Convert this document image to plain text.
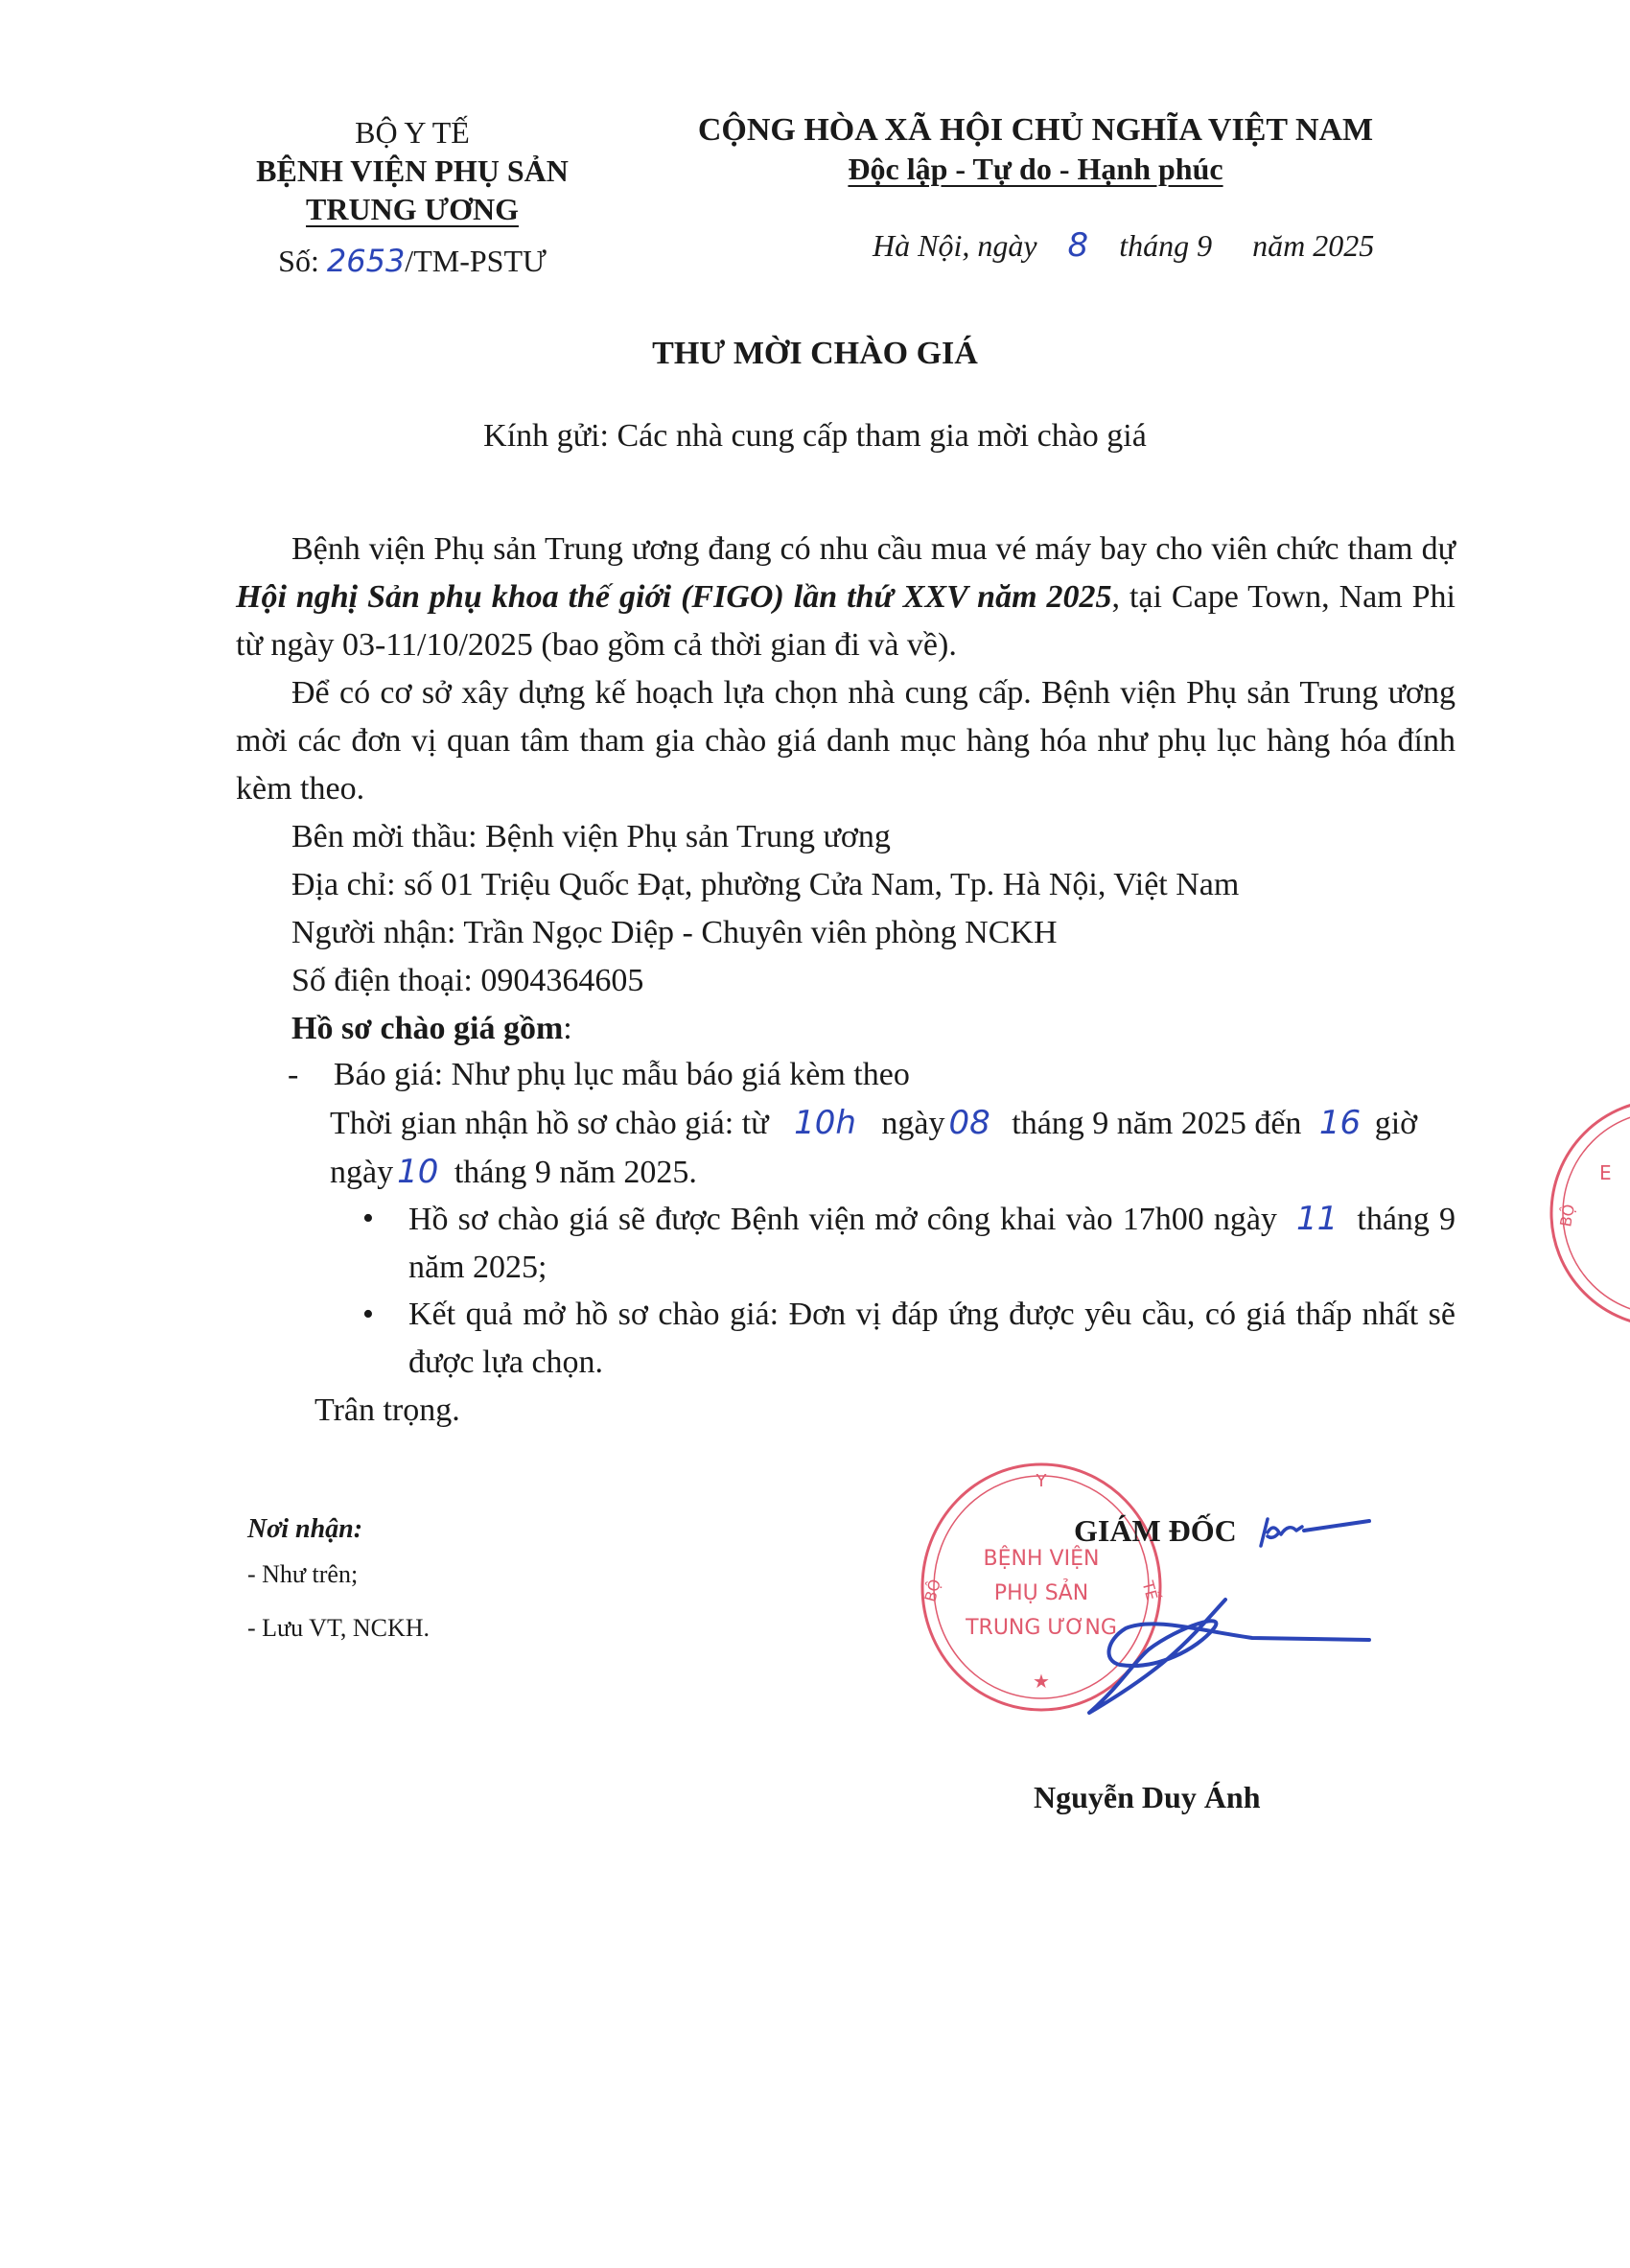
BỘ Y TẾ
BỆNH VIỆN PHỤ SẢN
TRUNG ƯƠNG
Số: 2653/TM-PSTƯ
CỘNG HÒA XÃ HỘI CHỦ NGHĨA VIỆT NAM
Độc lập - Tự do - Hạnh phúc
Hà Nội, ngày 8 tháng 9 năm 2025
THƯ MỜI CHÀO GIÁ
Kính gửi: Các nhà cung cấp tham gia mời chào giá
Bệnh viện Phụ sản Trung ương đang có nhu cầu mua vé máy bay cho viên chức tham dự Hội nghị Sản phụ khoa thế giới (FIGO) lần thứ XXV năm 2025, tại Cape Town, Nam Phi từ ngày 03-11/10/2025 (bao gồm cả thời gian đi và về).
Để có cơ sở xây dựng kế hoạch lựa chọn nhà cung cấp. Bệnh viện Phụ sản Trung ương mời các đơn vị quan tâm tham gia chào giá danh mục hàng hóa như phụ lục hàng hóa đính kèm theo.
Bên mời thầu: Bệnh viện Phụ sản Trung ương
Địa chỉ: số 01 Triệu Quốc Đạt, phường Cửa Nam, Tp. Hà Nội, Việt Nam
Người nhận: Trần Ngọc Diệp - Chuyên viên phòng NCKH
Số điện thoại: 0904364605
Hồ sơ chào giá gồm:
- Báo giá: Như phụ lục mẫu báo giá kèm theo
Thời gian nhận hồ sơ chào giá: từ 10h ngày 08 tháng 9 năm 2025 đến 16 giờ
ngày 10 tháng 9 năm 2025.
• Hồ sơ chào giá sẽ được Bệnh viện mở công khai vào 17h00 ngày 11 tháng 9 năm 2025;
• Kết quả mở hồ sơ chào giá: Đơn vị đáp ứng được yêu cầu, có giá thấp nhất sẽ được lựa chọn.
Trân trọng.
Nơi nhận:
- Như trên;
- Lưu VT, NCKH.
Y
BỆNH VIỆN
PHỤ SẢN
TRUNG ƯƠNG
BỘ	TẾ
★
E
BỘ
GIÁM ĐỐC
Nguyễn Duy Ánh
